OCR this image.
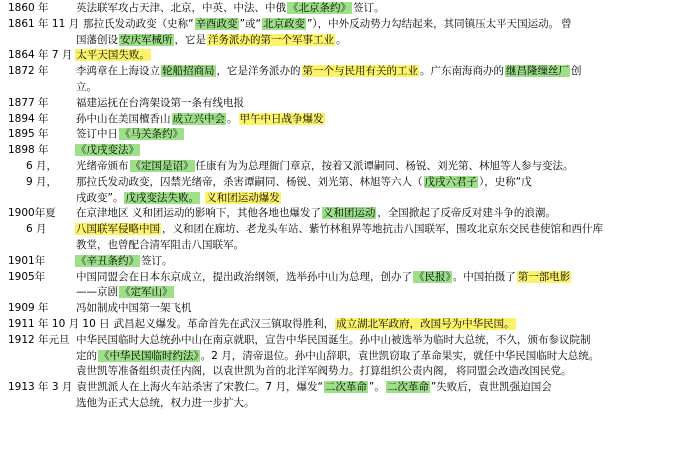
1860 年	英法联军攻占天津、北京，中英、中法、中俄 《北京条约》 签订。
1861 年 11 月 那拉氏发动政变（史称“ 辛酉政变 ”或“ 北京政变 ”），中外反动势力勾结起来，其同镇压太平天国运动。 曾
国藩创设 安庆军械所 ，它是 洋务派办的第一个军事工业 。
1864 年 7 月 太平天国失败。
1872 年	李鸿章在上海设立 轮船招商局 ，它是洋务派办的 第一个与民用有关的工业 。广东南海商办的 继昌隆缫丝厂 创
立。
1877 年	福建运抚在台湾架设第一条有线电报
1894 年	孙中山在美国檀香山 成立兴中会 。 甲午中日战争爆发
1895 年	签订中日 《马关条约》
1898 年	《戊戌变法》
6 月，	光绪帝颁布 《定国是诏》 任康有为为总理衙门章京，按着又派谭嗣同、杨锐、刘光第、林旭等人参与变法。
9 月，	那拉氏发动政变，囚禁光绪帝，杀害谭嗣同、杨锐、刘光第、林旭等六人（ 戊戌六君子 ），史称“戊
戌政变”。 戊戌变法失败。 义和团运动爆发
1900年夏	在京津地区 义和团运动的影响下，其他各地也爆发了 义和团运动 ，全国掀起了反帝反对建斗争的浪潮。
6 月	八国联军侵略中国 ，义和团在廊坊、老龙头车站、紫竹林租界等地抗击八国联军，围攻北京东交民巷使馆和西什库
教堂，也曾配合清军阻击八国联军。
1901年	《辛丑条约》 签订。
1905年	中国同盟会在日本东京成立，提出政治纲领，选举孙中山为总理，创办了 《民报》 。中国拍摄了 第一部电影
——京剧 《定军山》
1909 年	冯如制成中国第一架飞机
1911 年 10 月 10 日 武昌起义爆发。革命首先在武汉三镇取得胜利， 成立湖北军政府，改国号为中华民国。
1912 年元旦 中华民国临时大总统孙中山在南京就职，宣告中华民国诞生。孙中山被选举为临时大总统，不久，颁布参议院制
定的 《中华民国临时约法》 。2 月，清帝退位。孙中山辞职，袁世凯窃取了革命果实，就任中华民国临时大总统。
袁世凯等准备组织责任内阁，以袁世凯为首的北洋军阀势力。打算组织公责内阁， 将同盟会改造改国民党。
1913 年 3 月 袁世凯派人在上海火车站杀害了宋教仁。7 月，爆发“ 二次革命 ”。 二次革命 ”失败后，袁世凯强迫国会
选他为正式大总统，权力进一步扩大。
